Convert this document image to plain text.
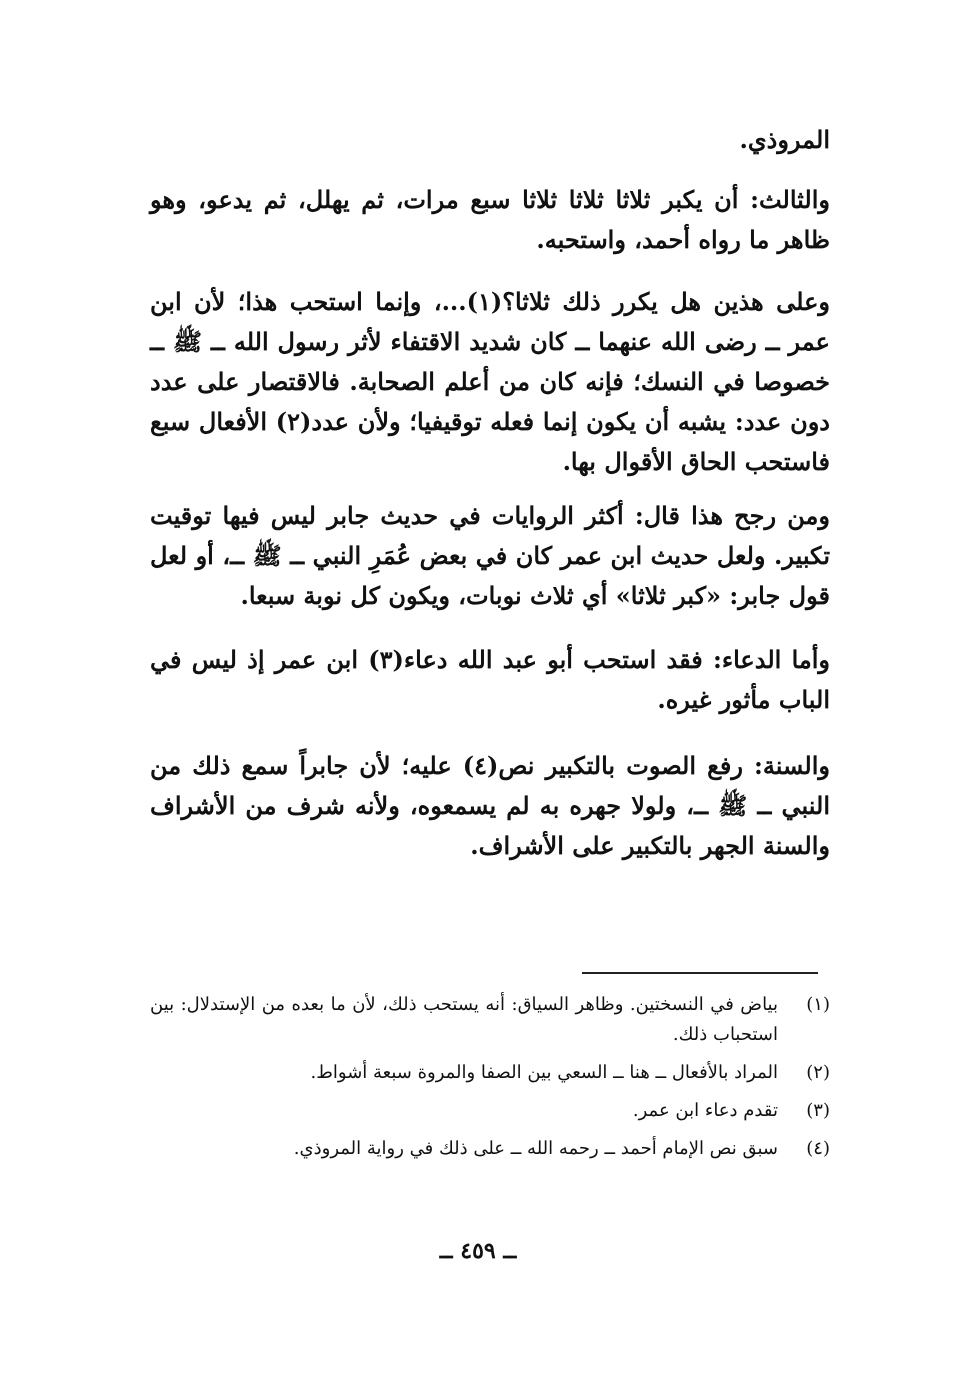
المروذي.
والثالث: أن يكبر ثلاثا ثلاثا ثلاثا سبع مرات، ثم يهلل، ثم يدعو، وهو ظاهر ما رواه أحمد، واستحبه.
وعلى هذين هل يكرر ذلك ثلاثا؟(١)...، وإنما استحب هذا؛ لأن ابن عمر ــ رضى الله عنهما ــ كان شديد الاقتفاء لأثر رسول الله ــ ﷺ ــ خصوصا في النسك؛ فإنه كان من أعلم الصحابة. فالاقتصار على عدد دون عدد: يشبه أن يكون إنما فعله توقيفيا؛ ولأن عدد(٢) الأفعال سبع فاستحب الحاق الأقوال بها.
ومن رجح هذا قال: أكثر الروايات في حديث جابر ليس فيها توقيت تكبير. ولعل حديث ابن عمر كان في بعض عُمَرِ النبي ــ ﷺ ــ، أو لعل قول جابر: «كبر ثلاثا» أي ثلاث نوبات، ويكون كل نوبة سبعا.
وأما الدعاء: فقد استحب أبو عبد الله دعاء(٣) ابن عمر إذ ليس في الباب مأثور غيره.
والسنة: رفع الصوت بالتكبير نص(٤) عليه؛ لأن جابراً سمع ذلك من النبي ــ ﷺ ــ، ولولا جهره به لم يسمعوه، ولأنه شرف من الأشراف والسنة الجهر بالتكبير على الأشراف.
(١)
بياض في النسختين. وظاهر السياق: أنه يستحب ذلك، لأن ما بعده من الإستدلال: بين استحباب ذلك.
(٢)
المراد بالأفعال ــ هنا ــ السعي بين الصفا والمروة سبعة أشواط.
(٣)
تقدم دعاء ابن عمر.
(٤)
سبق نص الإمام أحمد ــ رحمه الله ــ على ذلك في رواية المروذي.
ــ ٤٥٩ ــ
